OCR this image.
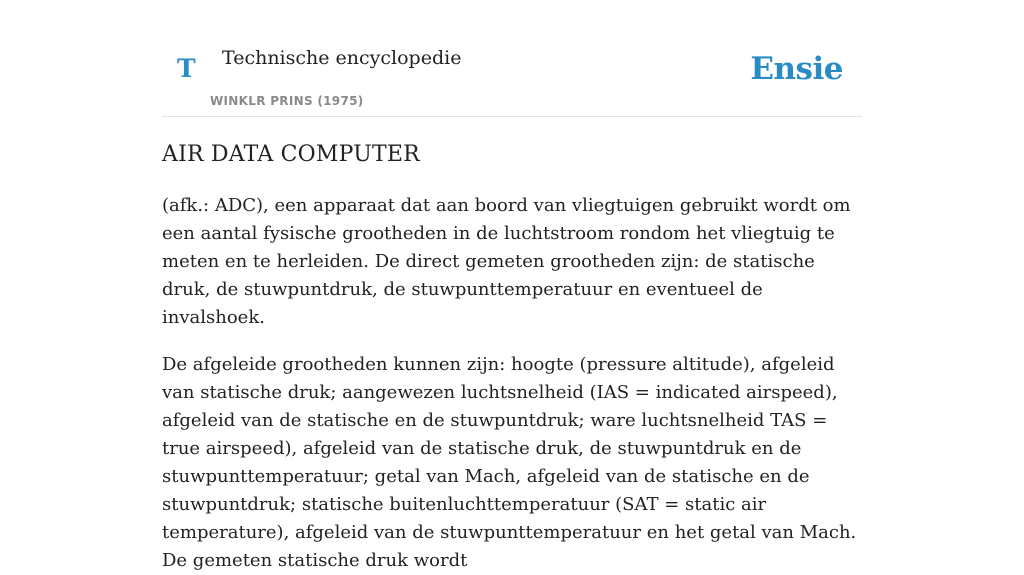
T Technische encyclopedie
WINKLR PRINS (1975)
Ensie
AIR DATA COMPUTER

(afk.: ADC), een apparaat dat aan boord van vliegtuigen gebruikt wordt om een aantal fysische grootheden in de luchtstroom rondom het vliegtuig te meten en te herleiden. De direct gemeten grootheden zijn: de statische druk, de stuwpuntdruk, de stuwpunttemperatuur en eventueel de invalshoek.

De afgeleide grootheden kunnen zijn: hoogte (pressure altitude), afgeleid van statische druk; aangewezen luchtsnelheid (IAS = indicated airspeed), afgeleid van de statische en de stuwpuntdruk; ware luchtsnelheid TAS = true airspeed), afgeleid van de statische druk, de stuwpuntdruk en de stuwpunttemperatuur; getal van Mach, afgeleid van de statische en de stuwpuntdruk; statische buitenluchttemperatuur (SAT = static air temperature), afgeleid van de stuwpunttemperatuur en het getal van Mach. De gemeten statische druk wordt
